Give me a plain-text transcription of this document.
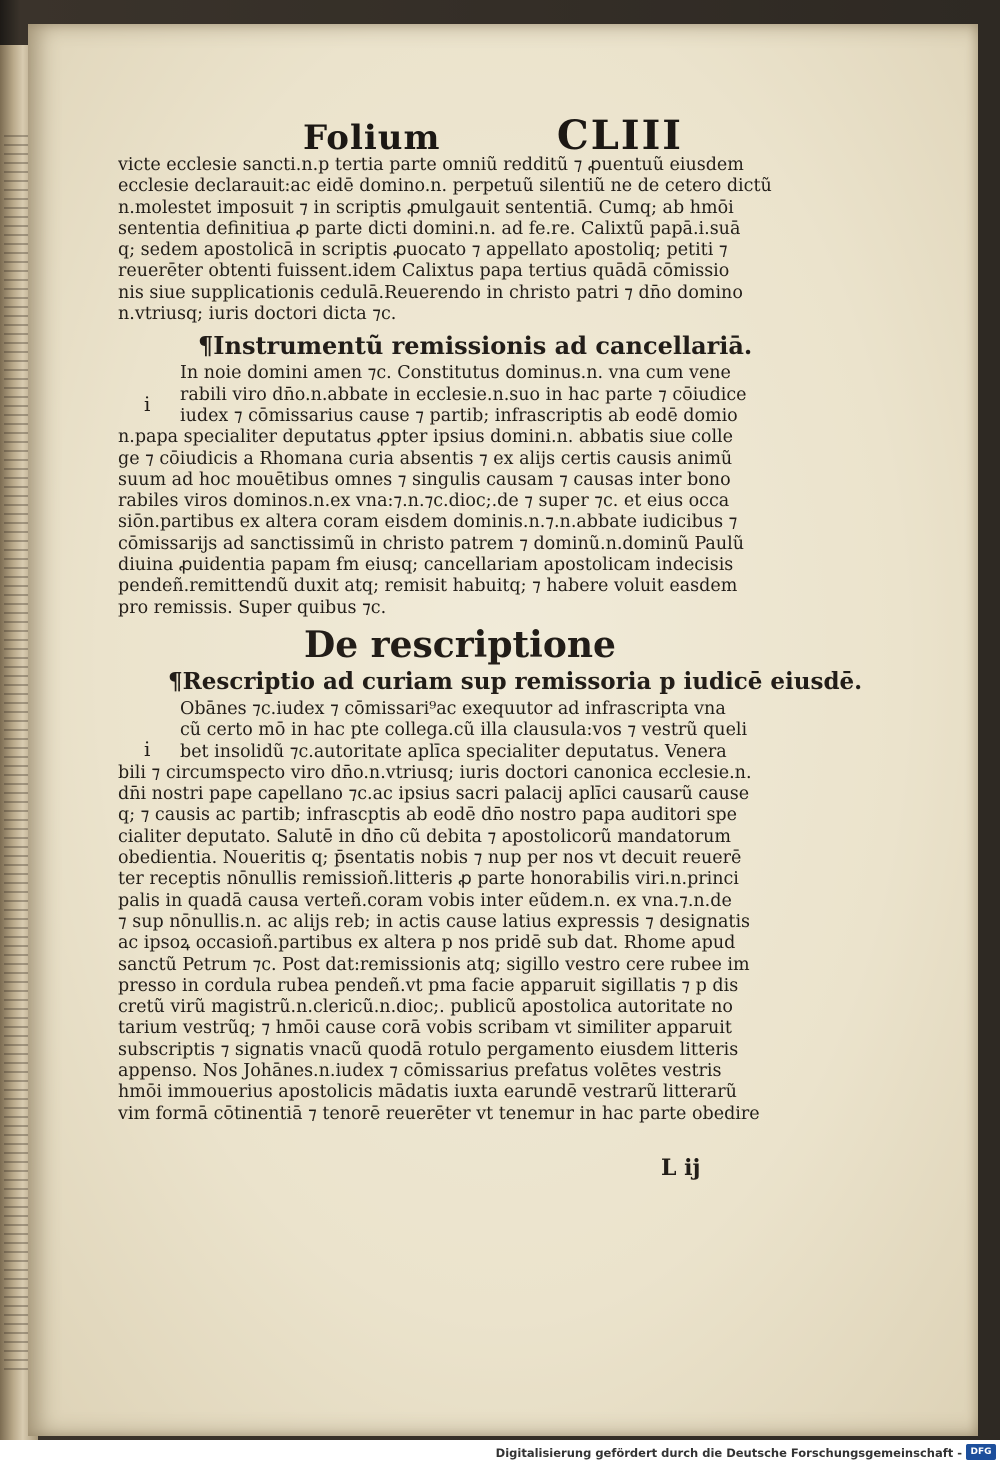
Folium	CLIII
victe ecclesie sancti.n.p tertia parte omniũ redditũ ⁊ ꝓuentuũ eiusdem
ecclesie declarauit:ac eidē domino.n. perpetuũ silentiũ ne de cetero dictũ
n.molestet imposuit ⁊ in scriptis ꝓmulgauit sententiā. Cumq; ab hmōi
sententia definitiua ꝓ parte dicti domini.n. ad fe.re. Calixtũ papā.i.suā
q; sedem apostolicā in scriptis ꝓuocato ⁊ appellato apostoliq; petiti ⁊
reuerēter obtenti fuissent.idem Calixtus papa tertius quādā cōmissio
nis siue supplicationis cedulā.Reuerendo in christo patri ⁊ dn̄o domino
n.vtriusq; iuris doctori dicta ⁊c.
¶Instrumentũ remissionis ad cancellariā.
In noie domini amen ⁊c. Constitutus dominus.n. vna cum vene
rabili viro dn̄o.n.abbate in ecclesie.n.suo in hac parte ⁊ cōiudice
iudex ⁊ cōmissarius cause ⁊ partib; infrascriptis ab eodē domio
n.papa specialiter deputatus ꝓpter ipsius domini.n. abbatis siue colle
ge ⁊ cōiudicis a Rhomana curia absentis ⁊ ex alijs certis causis animũ
suum ad hoc mouētibus omnes ⁊ singulis causam ⁊ causas inter bono
rabiles viros dominos.n.ex vna:⁊.n.⁊c.dioc;.de ⁊ super ⁊c. et eius occa
siōn.partibus ex altera coram eisdem dominis.n.⁊.n.abbate iudicibus ⁊
cōmissarijs ad sanctissimũ in christo patrem ⁊ dominũ.n.dominũ Paulũ
diuina ꝓuidentia papam ẜm eiusq; cancellariam apostolicam indecisis
pendeñ.remittendũ duxit atq; remisit habuitq; ⁊ habere voluit easdem
pro remissis. Super quibus ⁊c.
De rescriptione
¶Rescriptio ad curiam sup remissoria p iudicē eiusdē.
Obānes ⁊c.iudex ⁊ cōmissari⁹ac exequutor ad infrascripta vna
cũ certo mō in hac pte collega.cũ illa clausula:vos ⁊ vestrũ queli
bet insolidũ ⁊c.autoritate aplīca specialiter deputatus. Venera
bili ⁊ circumspecto viro dn̄o.n.vtriusq; iuris doctori canonica ecclesie.n.
dn̄i nostri pape capellano ⁊c.ac ipsius sacri palacij aplīci causarũ cause
q; ⁊ causis ac partib; infrascptis ab eodē dn̄o nostro papa auditori spe
cialiter deputato. Salutē in dn̄o cũ debita ⁊ apostolicorũ mandatorum
obedientia. Noueritis q; p̄sentatis nobis ⁊ nup per nos vt decuit reuerē
ter receptis nōnullis remissioñ.litteris ꝓ parte honorabilis viri.n.princi
palis in quadā causa verteñ.coram vobis inter eũdem.n. ex vna.⁊.n.de
⁊ sup nōnullis.n. ac alijs reb; in actis cause latius expressis ⁊ designatis
ac ipsoꝝ occasioñ.partibus ex altera p nos pridē sub dat. Rhome apud
sanctũ Petrum ⁊c. Post dat:remissionis atq; sigillo vestro cere rubee im
presso in cordula rubea pendeñ.vt pma facie apparuit sigillatis ⁊ p dis
cretũ virũ magistrũ.n.clericũ.n.dioc;. publicũ apostolica autoritate no
tarium vestrũq; ⁊ hmōi cause corā vobis scribam vt similiter apparuit
subscriptis ⁊ signatis vnacũ quodā rotulo pergamento eiusdem litteris
appenso. Nos Johānes.n.iudex ⁊ cōmissarius prefatus volētes vestris
hmōi immouerius apostolicis mādatis iuxta earundē vestrarũ litterarũ
vim formā cōtinentiā ⁊ tenorē reuerēter vt tenemur in hac parte obedire
i
i
L ij
Digitalisierung gefördert durch die Deutsche Forschungsgemeinschaft - DFG
